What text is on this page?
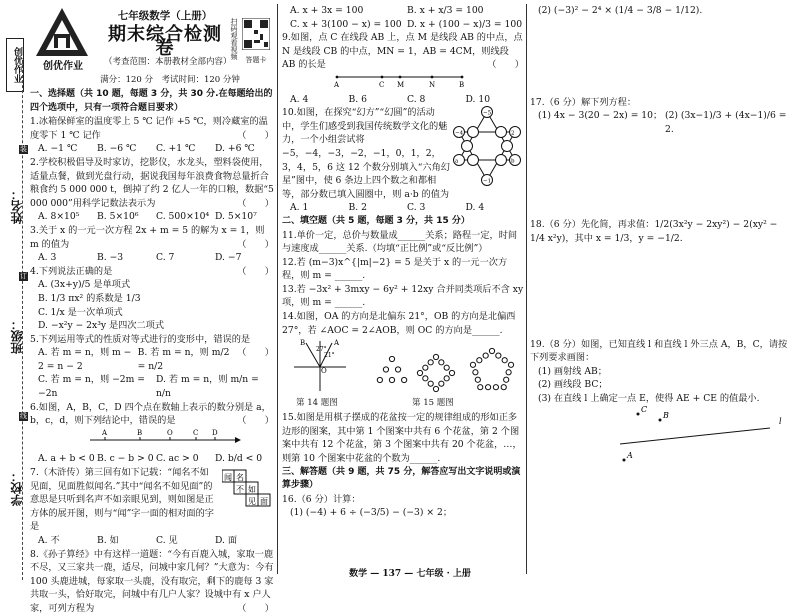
创优作业
装
订
线
姓名：
班级：
学校：
创优作业
七年级数学（上册）
期末综合检测卷
（考查范围：本册教材全部内容）
满分：120 分　考试时间：120 分钟
扫码观看视频	答题卡
一、选择题（共 10 题，每题 3 分，共 30 分.在每题给出的四个选项中，只有一项符合题目要求）

1.冰箱保鲜室的温度零上 5 ℃ 记作 +5 ℃，则冷藏室的温度零下 1 ℃ 记作	（　　）

A. −1 ℃	B. −6 ℃	C. +1 ℃	D. +6 ℃

2.学校积极倡导及时家访，挖影仪，水龙头，塑料袋使用，适量点餐，做到光盘行动，据说我国每年浪费食物总量折合粮食约 5 000 000 t，倒掉了约 2 亿人一年的口粮，数据“5 000 000”用科学记数法表示为	（　　）

A. 8×10⁵	B. 5×10⁶	C. 500×10⁴ D. 5×10⁷

3.关于 x 的一元一次方程 2x + m = 5 的解为 x = 1，则 m 的值为	（　　）

A. 3	B. −3	C. 7	D. −7

4.下列说法正确的是	（　　）

A. (3x+y)/5 是单项式

B. 1/3 πx² 的系数是 1/3

C. 1/x 是一次单项式

D. −x²y − 2x³y 是四次二项式

5.下列运用等式的性质对等式进行的变形中，错误的是
（　　）

A. 若 m = n，则 m − 2 = n − 2
B. 若 m = n，则 m/2 = n/2
C. 若 m = n，则 −2m = −2n
D. 若 m = n，则 m/n = n/n

6.如图，A，B，C，D 四个点在数轴上表示的数分别是 a，b，c，d，则下列结论中，错误的是	（　　）

A	B	O	C D
A. a + b < 0 B. c − b > 0 C. ac > 0	D. b/d < 0

7.（木浒传）第三回有如下记载：“闻名不如见面，见面胜似闻名.”其中“闻名不如见面”的意思是只听到名声不如亲眼见到，则如图是正方体的展开图，则与“闻”字一面的相对面的字是

闻 名
不 如
见 面
A. 不	B. 如	C. 见	D. 面

8.《孙子算经》中有这样一道题：“今有百鹿入城，家取一鹿不尽，又三家共一鹿，适尽，问城中家几何？”大意为：今有 100 头鹿进城，每家取一头鹿，没有取完，剩下的鹿每 3 家共取一头，恰好取完，问城中有几户人家？设城中有 x 户人家，可列方程为	（　　）

A. x + 3x = 100	B. x + x/3 = 100
C. x + 3(100 − x) = 100 D. x + (100 − x)/3 = 100

9.如图，点 C 在线段 AB 上，点 M 是线段 AB 的中点，点 N 是线段 CB 的中点，MN = 1，AB = 4CM，则线段 AB 的长是	（　　）

A	C M	N	B
A. 4	B. 6	C. 8	D. 10

10.如图，在探究“幻方”“幻圆”的活动中，学生们感受到我国传统数学文化的魅力，一个小组尝试将 −5，−4，−3，−2，−1，0，1，2，3，4，5，6 这 12 个数分别填入“六角幻星”图中，使 6 条边上四个数之和都相等，部分数已填入圆圈中，则 a·b 的值为

−5
−4	2
a	b
−1
A. 1	B. 2	C. 3	D. 4
二、填空题（共 5 题，每题 3 分，共 15 分）

11.单价一定，总价与数量成______关系；路程一定，时间与速度成______关系.（均填“正比例”或“反比例”）

12.若 (m−3)x^{|m|−2} = 5 是关于 x 的一元一次方程，则 m = ______.

13.若 −3x² + 3mxy − 6y² + 12xy 合并同类项后不含 xy 项，则 m = ______.

14.如图，OA 的方向是北偏东 21°，OB 的方向是北偏西 27°，若 ∠AOC = 2∠AOB，则 OC 的方向是______.

27°
21°
A
B
O
第 14 题图	第 15 题图

15.如图是用棋子摆成的花盆按一定的规律组成的形如正多边形的图案，其中第 1 个图案中共有 6 个花盆，第 2 个图案中共有 12 个花盆，第 3 个图案中共有 20 个花盆，…，则第 10 个图案中花盆的个数为______.

三、解答题（共 9 题，共 75 分，解答应写出文字说明或演算步骤）

16.（6 分）计算：

(1) (−4) + 6 ÷ (−3/5) − (−3) × 2；

(2) (−3)² − 2⁴ × (1/4 − 3/8 − 1/12).

17.（6 分）解下列方程：

(1) 4x − 3(20 − 2x) = 10； (2) (3x−1)/3 + (4x−1)/6 = 2.

18.（6 分）先化简，再求值：1/2(3x²y − 2xy²) − 2(xy² − 1/4 x²y)，其中 x = 1/3，y = −1/2.

19.（8 分）如图，已知直线 l 和直线 l 外三点 A，B，C，请按下列要求画图：

(1) 画射线 AB；

(2) 画线段 BC；

(3) 在直线 l 上确定一点 E，使得 AE + CE 的值最小.

C
B
A
l
数学 — 137 — 七年级 · 上册
